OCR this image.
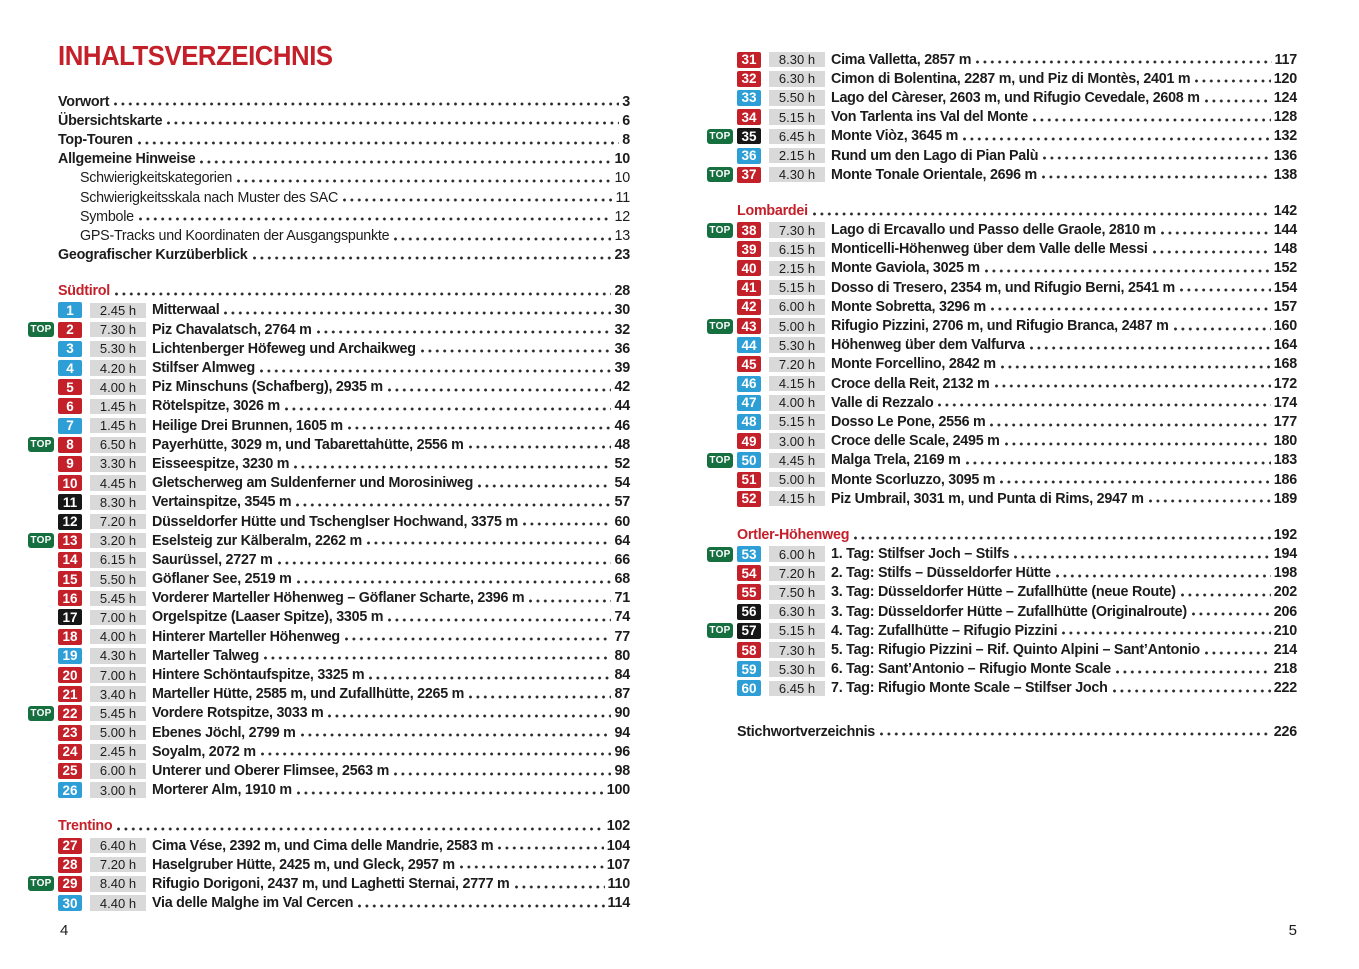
INHALTSVERZEICHNIS
Vorwort	3
Übersichtskarte	6
Top-Touren	8
Allgemeine Hinweise	10
Schwierigkeitskategorien	10
Schwierigkeitsskala nach Muster des SAC	11
Symbole	12
GPS-Tracks und Koordinaten der Ausgangspunkte	13
Geografischer Kurzüberblick	23
Südtirol	28
1	2.45 h	Mitterwaal	30
TOP	2	7.30 h	Piz Chavalatsch, 2764 m	32
3	5.30 h	Lichtenberger Höfeweg und Archaikweg	36
4	4.20 h	Stilfser Almweg	39
5	4.00 h	Piz Minschuns (Schafberg), 2935 m	42
6	1.45 h	Rötelspitze, 3026 m	44
7	1.45 h	Heilige Drei Brunnen, 1605 m	46
TOP	8	6.50 h	Payerhütte, 3029 m, und Tabarettahütte, 2556 m	48
9	3.30 h	Eisseespitze, 3230 m	52
10	4.45 h	Gletscherweg am Suldenferner und Morosiniweg	54
11	8.30 h	Vertainspitze, 3545 m	57
12	7.20 h	Düsseldorfer Hütte und Tschenglser Hochwand, 3375 m	60
TOP 13	3.20 h	Eselsteig zur Kälberalm, 2262 m	64
14	6.15 h	Saurüssel, 2727 m	66
15	5.50 h	Göflaner See, 2519 m	68
16	5.45 h	Vorderer Marteller Höhenweg – Göflaner Scharte, 2396 m	71
17	7.00 h	Orgelspitze (Laaser Spitze), 3305 m	74
18	4.00 h	Hinterer Marteller Höhenweg	77
19	4.30 h	Marteller Talweg	80
20	7.00 h	Hintere Schöntaufspitze, 3325 m	84
21	3.40 h	Marteller Hütte, 2585 m, und Zufallhütte, 2265 m	87
TOP 22	5.45 h	Vordere Rotspitze, 3033 m	90
23	5.00 h	Ebenes Jöchl, 2799 m	94
24	2.45 h	Soyalm, 2072 m	96
25	6.00 h	Unterer und Oberer Flimsee, 2563 m	98
26	3.00 h	Morterer Alm, 1910 m	100
Trentino	102
27	6.40 h	Cima Vése, 2392 m, und Cima delle Mandrie, 2583 m	104
28	7.20 h	Haselgruber Hütte, 2425 m, und Gleck, 2957 m	107
TOP 29	8.40 h	Rifugio Dorigoni, 2437 m, und Laghetti Sternai, 2777 m	110
30	4.40 h	Via delle Malghe im Val Cercen	114
31	8.30 h	Cima Valletta, 2857 m	117
32	6.30 h	Cimon di Bolentina, 2287 m, und Piz di Montès, 2401 m	120
33	5.50 h	Lago del Càreser, 2603 m, und Rifugio Cevedale, 2608 m	124
34	5.15 h	Von Tarlenta ins Val del Monte	128
TOP 35	6.45 h	Monte Viòz, 3645 m	132
36	2.15 h	Rund um den Lago di Pian Palù	136
TOP 37	4.30 h	Monte Tonale Orientale, 2696 m	138
Lombardei	142
TOP 38	7.30 h	Lago di Ercavallo und Passo delle Graole, 2810 m	144
39	6.15 h	Monticelli-Höhenweg über dem Valle delle Messi	148
40	2.15 h	Monte Gaviola, 3025 m	152
41	5.15 h	Dosso di Tresero, 2354 m, und Rifugio Berni, 2541 m	154
42	6.00 h	Monte Sobretta, 3296 m	157
TOP 43	5.00 h	Rifugio Pizzini, 2706 m, und Rifugio Branca, 2487 m	160
44	5.30 h	Höhenweg über dem Valfurva	164
45	7.20 h	Monte Forcellino, 2842 m	168
46	4.15 h	Croce della Reit, 2132 m	172
47	4.00 h	Valle di Rezzalo	174
48	5.15 h	Dosso Le Pone, 2556 m	177
49	3.00 h	Croce delle Scale, 2495 m	180
TOP 50	4.45 h	Malga Trela, 2169 m	183
51	5.00 h	Monte Scorluzzo, 3095 m	186
52	4.15 h	Piz Umbrail, 3031 m, und Punta di Rims, 2947 m	189
Ortler-Höhenweg	192
TOP 53	6.00 h	1. Tag: Stilfser Joch – Stilfs	194
54	7.20 h	2. Tag: Stilfs – Düsseldorfer Hütte	198
55	7.50 h	3. Tag: Düsseldorfer Hütte – Zufallhütte (neue Route)	202
56	6.30 h	3. Tag: Düsseldorfer Hütte – Zufallhütte (Originalroute)	206
TOP 57	5.15 h	4. Tag: Zufallhütte – Rifugio Pizzini	210
58	7.30 h	5. Tag: Rifugio Pizzini – Rif. Quinto Alpini – Sant’Antonio	214
59	5.30 h	6. Tag: Sant’Antonio – Rifugio Monte Scale	218
60	6.45 h	7. Tag: Rifugio Monte Scale – Stilfser Joch	222
Stichwortverzeichnis	226
4	5
